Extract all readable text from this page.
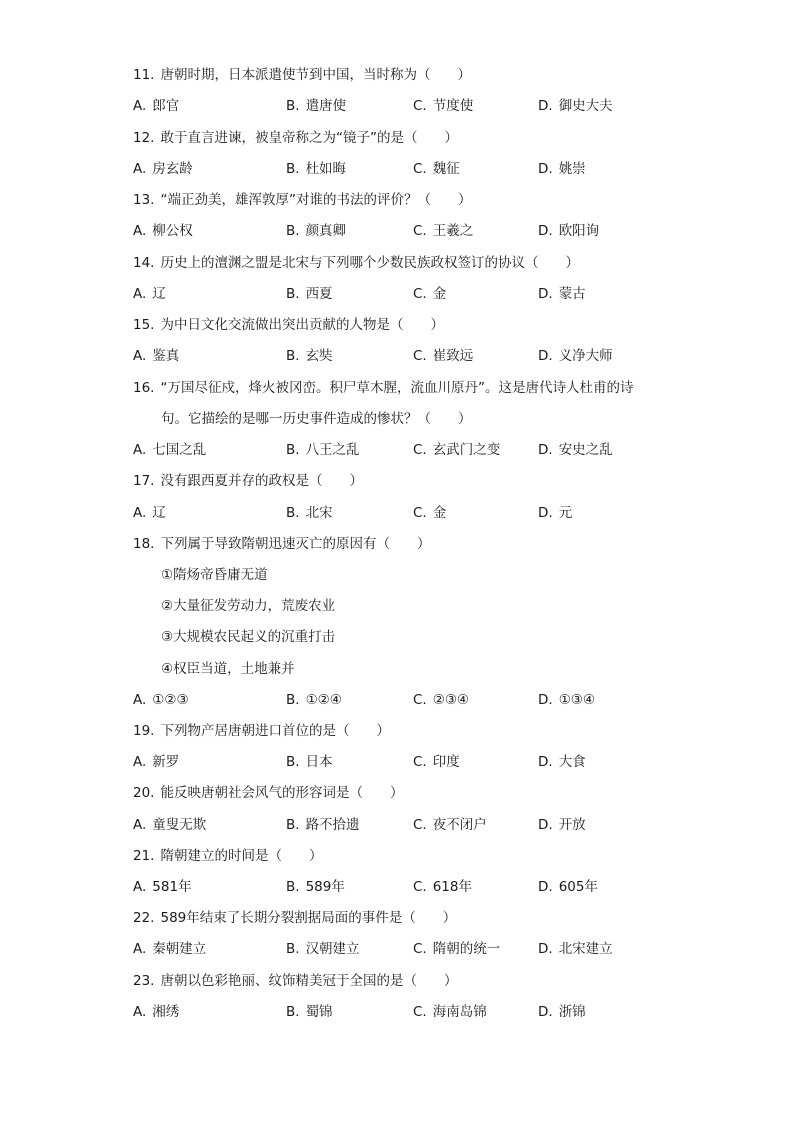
11. 唐朝时期，日本派遣使节到中国，当时称为（　　）
A. 郎官	B. 遣唐使	C. 节度使	D. 御史大夫
12. 敢于直言进谏，被皇帝称之为“镜子”的是（　　）
A. 房玄龄	B. 杜如晦	C. 魏征	D. 姚崇
13. “端正劲美，雄浑敦厚”对谁的书法的评价？（　　）
A. 柳公权	B. 颜真卿	C. 王羲之	D. 欧阳询
14. 历史上的澶渊之盟是北宋与下列哪个少数民族政权签订的协议（　　）
A. 辽	B. 西夏	C. 金	D. 蒙古
15. 为中日文化交流做出突出贡献的人物是（　　）
A. 鉴真	B. 玄奘	C. 崔致远	D. 义净大师
16. “万国尽征戍，烽火被冈峦。积尸草木腥，流血川原丹”。这是唐代诗人杜甫的诗
句。它描绘的是哪一历史事件造成的惨状？（　　）
A. 七国之乱	B. 八王之乱	C. 玄武门之变	D. 安史之乱
17. 没有跟西夏并存的政权是（　　）
A. 辽	B. 北宋	C. 金	D. 元
18. 下列属于导致隋朝迅速灭亡的原因有（　　）
①隋炀帝昏庸无道
②大量征发劳动力，荒废农业
③大规模农民起义的沉重打击
④权臣当道，土地兼并
A. ①②③	B. ①②④	C. ②③④	D. ①③④
19. 下列物产居唐朝进口首位的是（　　）
A. 新罗	B. 日本	C. 印度	D. 大食
20. 能反映唐朝社会风气的形容词是（　　）
A. 童叟无欺	B. 路不拾遗	C. 夜不闭户	D. 开放
21. 隋朝建立的时间是（　　）
A. 581年	B. 589年	C. 618年	D. 605年
22. 589年结束了长期分裂割据局面的事件是（　　）
A. 秦朝建立	B. 汉朝建立	C. 隋朝的统一	D. 北宋建立
23. 唐朝以色彩艳丽、纹饰精美冠于全国的是（　　）
A. 湘绣	B. 蜀锦	C. 海南岛锦	D. 浙锦
